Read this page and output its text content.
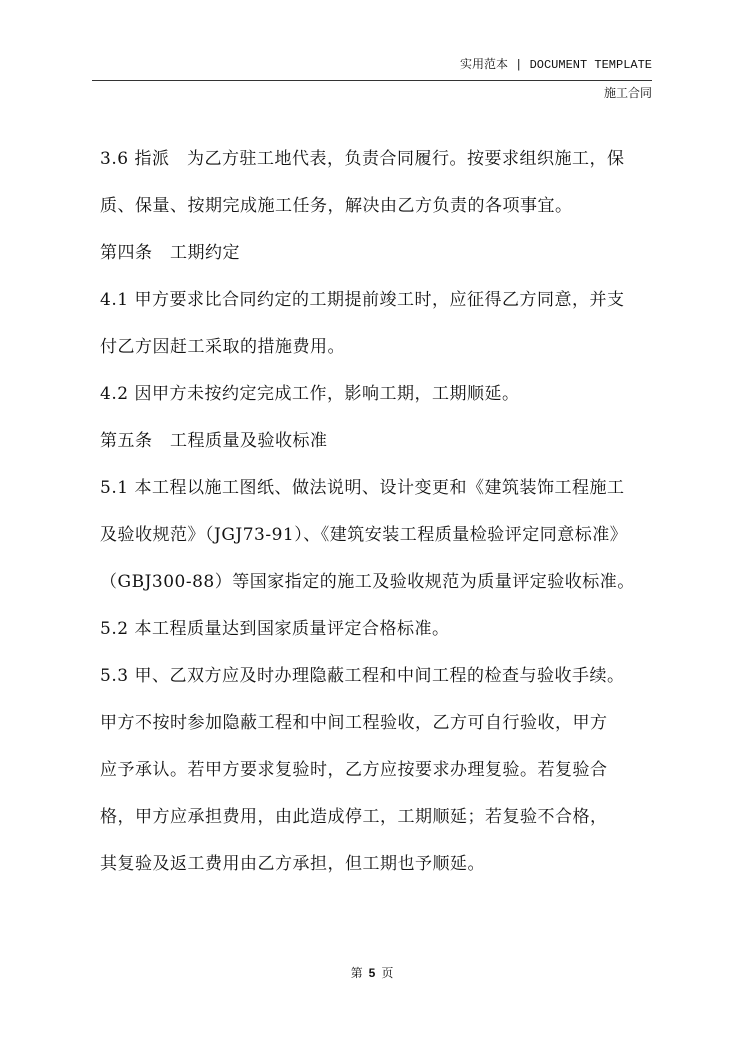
实用范本 | DOCUMENT TEMPLATE
施工合同
3.6 指派　为乙方驻工地代表，负责合同履行。按要求组织施工，保
质、保量、按期完成施工任务，解决由乙方负责的各项事宜。
第四条　工期约定
4.1 甲方要求比合同约定的工期提前竣工时，应征得乙方同意，并支
付乙方因赶工采取的措施费用。
4.2 因甲方未按约定完成工作，影响工期，工期顺延。
第五条　工程质量及验收标准
5.1 本工程以施工图纸、做法说明、设计变更和《建筑装饰工程施工
及验收规范》（JGJ73-91）、《建筑安装工程质量检验评定同意标准》
（GBJ300-88）等国家指定的施工及验收规范为质量评定验收标准。
5.2 本工程质量达到国家质量评定合格标准。
5.3 甲、乙双方应及时办理隐蔽工程和中间工程的检查与验收手续。
甲方不按时参加隐蔽工程和中间工程验收，乙方可自行验收，甲方
应予承认。若甲方要求复验时，乙方应按要求办理复验。若复验合
格，甲方应承担费用，由此造成停工，工期顺延；若复验不合格，
其复验及返工费用由乙方承担，但工期也予顺延。
第 5 页
